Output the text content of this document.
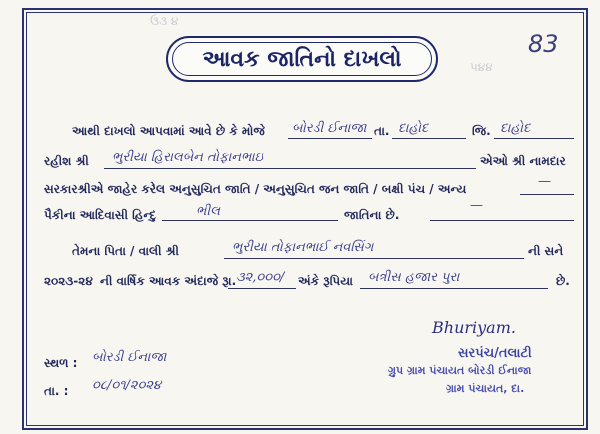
ઉ૩ ૪
પ૪૪
આવક જાતિનો દાખલો
83
આથી દાખલો આપવામાં આવે છે કે મોજે બોરડી ઈનાજા તા. દાહોદ	જિ. દાહોદ
રહીશ શ્રી ભુરીયા હિરાલબેન તોફાનભાઇ	એઓ શ્રી નામદાર
સરકારશ્રીએ જાહેર કરેલ અનુસુચિત જાતિ / અનુસુચિત જન જાતિ / બક્ષી પંચ / અન્ય	—
પૈકીના આદિવાસી હિન્દુ	ભીલ	જાતિના છે.
—
તેમના પિતા / વાલી શ્રી	ભુરીયા તોફાનભાઈ નવસિંગ	ની સને
૨૦૨૩-૨૪ ની વાર્ષિક આવક અંદાજે રૂા. ૩૨,૦૦૦/ અંકે રૂપિયા બત્રીસ હજાર પુરા	છે.
સ્થળ : બોરડી ઈનાજા
તા. : ૦૮/૦૧/૨૦૨૪
Bhuriyam.
સરપંચ/તલાટી
ગ્રુપ ગ્રામ પંચાયત બોરડી ઈનાજા
ગ્રામ પંચાયત, દા.
